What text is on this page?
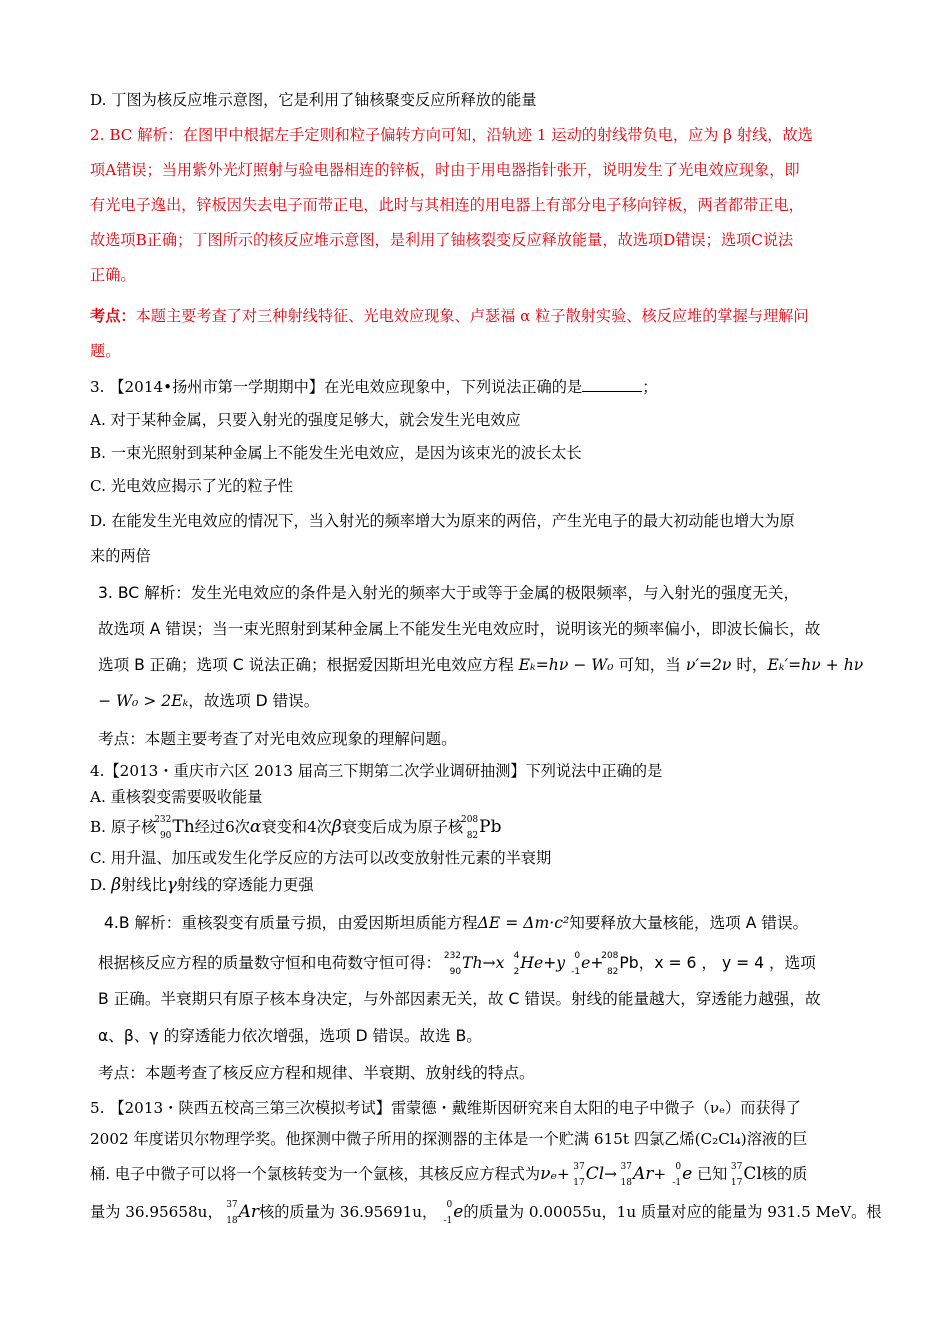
D. 丁图为核反应堆示意图，它是利用了铀核聚变反应所释放的能量
2. BC 解析：在图甲中根据左手定则和粒子偏转方向可知，沿轨迹 1 运动的射线带负电，应为 β 射线，故选
项A错误；当用紫外光灯照射与验电器相连的锌板，时由于用电器指针张开，说明发生了光电效应现象，即
有光电子逸出，锌板因失去电子而带正电，此时与其相连的用电器上有部分电子移向锌板，两者都带正电，
故选项B正确；丁图所示的核反应堆示意图，是利用了铀核裂变反应释放能量，故选项D错误；选项C说法
正确。
考点：本题主要考查了对三种射线特征、光电效应现象、卢瑟福 α 粒子散射实验、核反应堆的掌握与理解问
题。
3. 【2014•扬州市第一学期期中】在光电效应现象中，下列说法正确的是	；
A. 对于某种金属，只要入射光的强度足够大，就会发生光电效应
B. 一束光照射到某种金属上不能发生光电效应，是因为该束光的波长太长
C. 光电效应揭示了光的粒子性
D. 在能发生光电效应的情况下，当入射光的频率增大为原来的两倍，产生光电子的最大初动能也增大为原
来的两倍
3. BC 解析：发生光电效应的条件是入射光的频率大于或等于金属的极限频率，与入射光的强度无关，
故选项 A 错误；当一束光照射到某种金属上不能发生光电效应时，说明该光的频率偏小，即波长偏长，故
选项 B 正确；选项 C 说法正确；根据爱因斯坦光电效应方程 Eₖ=hν − W₀ 可知，当 ν′=2ν 时，Eₖ′=hν + hν
− W₀ > 2Eₖ，故选项 D 错误。
考点：本题主要考查了对光电效应现象的理解问题。
4.【2013・重庆市六区 2013 届高三下期第二次学业调研抽测】下列说法中正确的是
A. 重核裂变需要吸收能量
B. 原子核
232
90 Th经过6次α衰变和4次β衰变后成为原子核
208
82 Pb
C. 用升温、加压或发生化学反应的方法可以改变放射性元素的半衰期
D. β射线比γ射线的穿透能力更强
4.B 解析：重核裂变有质量亏损，由爱因斯坦质能方程ΔE = Δm·c²知要释放大量核能，选项 A 错误。
根据核反应方程的质量数守恒和电荷数守恒可得： 232
90 Th→x 4
2 He+y 0
-1 e+
208
82 Pb，x = 6 ， y = 4 ，选项
B 正确。半衰期只有原子核本身决定，与外部因素无关，故 C 错误。射线的能量越大，穿透能力越强，故
α、β、γ 的穿透能力依次增强，选项 D 错误。故选 B。
考点：本题考查了核反应方程和规律、半衰期、放射线的特点。
5. 【2013・陕西五校高三第三次模拟考试】雷蒙德・戴维斯因研究来自太阳的电子中微子（νₑ）而获得了
2002 年度诺贝尔物理学奖。他探测中微子所用的探测器的主体是一个贮满 615t 四氯乙烯(C₂Cl₄)溶液的巨
桶. 电子中微子可以将一个氯核转变为一个氩核，其核反应方程式为νₑ+ 37
17 Cl→ 37
18 Ar+ 0
-1 e 已知 37
17 Cl核的质
量为 36.95658u， 37
18 Ar核的质量为 36.95691u， 0
-1 e的质量为 0.00055u，1u 质量对应的能量为 931.5 MeV。根
